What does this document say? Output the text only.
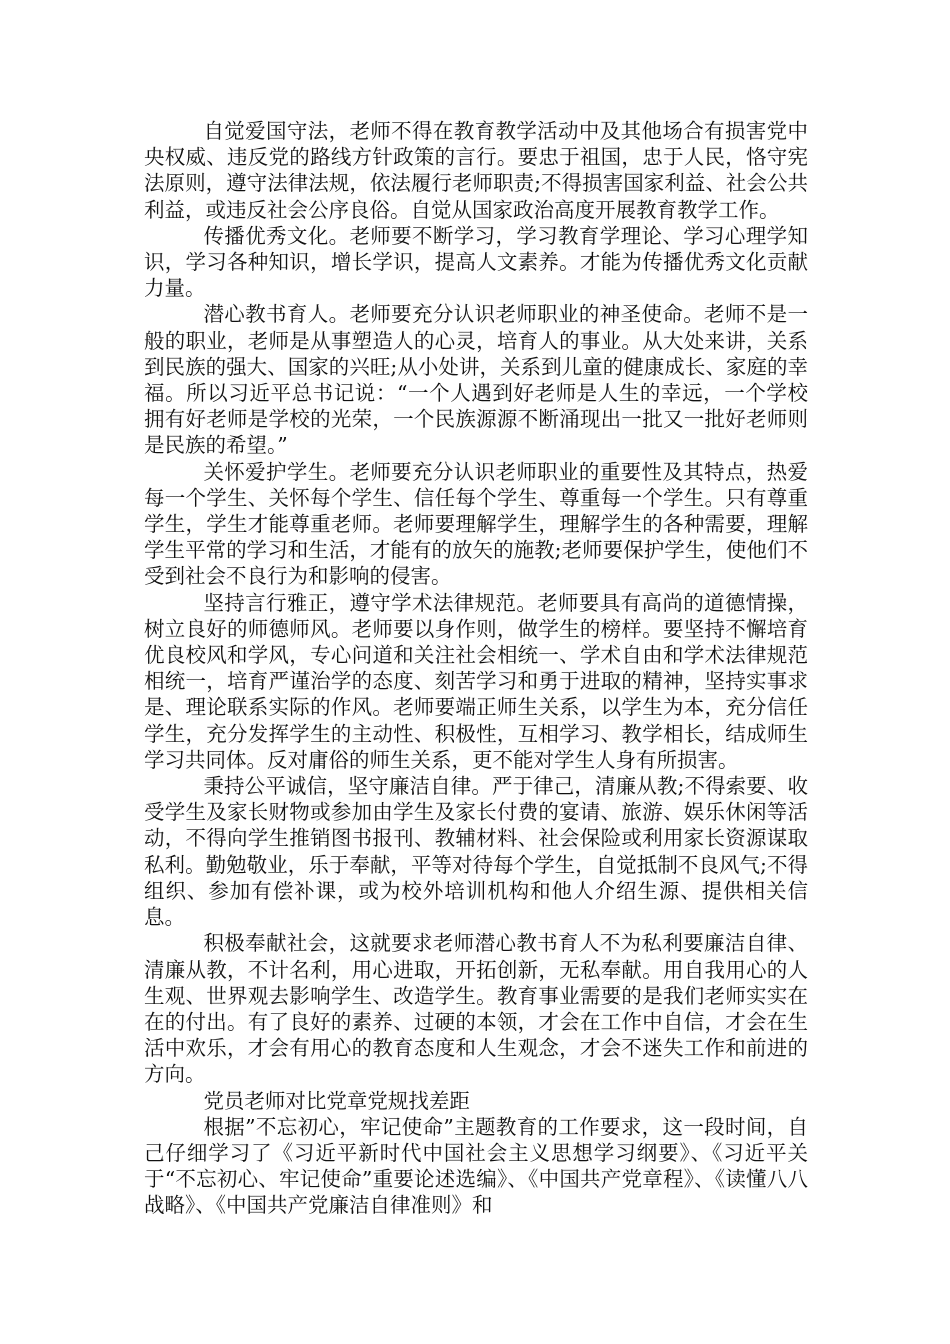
自觉爱国守法，老师不得在教育教学活动中及其他场合有损害党中央权威、违反党的路线方针政策的言行。要忠于祖国，忠于人民，恪守宪法原则，遵守法律法规，依法履行老师职责;不得损害国家利益、社会公共利益，或违反社会公序良俗。自觉从国家政治高度开展教育教学工作。

传播优秀文化。老师要不断学习，学习教育学理论、学习心理学知识，学习各种知识，增长学识，提高人文素养。才能为传播优秀文化贡献力量。

潜心教书育人。老师要充分认识老师职业的神圣使命。老师不是一般的职业，老师是从事塑造人的心灵，培育人的事业。从大处来讲，关系到民族的强大、国家的兴旺;从小处讲，关系到儿童的健康成长、家庭的幸福。所以习近平总书记说：“一个人遇到好老师是人生的幸远，一个学校拥有好老师是学校的光荣，一个民族源源不断涌现出一批又一批好老师则是民族的希望。”

关怀爱护学生。老师要充分认识老师职业的重要性及其特点，热爱每一个学生、关怀每个学生、信任每个学生、尊重每一个学生。只有尊重学生，学生才能尊重老师。老师要理解学生，理解学生的各种需要，理解学生平常的学习和生活，才能有的放矢的施教;老师要保护学生，使他们不受到社会不良行为和影响的侵害。

坚持言行雅正，遵守学术法律规范。老师要具有高尚的道德情操，树立良好的师德师风。老师要以身作则，做学生的榜样。要坚持不懈培育优良校风和学风，专心问道和关注社会相统一、学术自由和学术法律规范相统一，培育严谨治学的态度、刻苦学习和勇于进取的精神，坚持实事求是、理论联系实际的作风。老师要端正师生关系，以学生为本，充分信任学生，充分发挥学生的主动性、积极性，互相学习、教学相长，结成师生学习共同体。反对庸俗的师生关系，更不能对学生人身有所损害。

秉持公平诚信，坚守廉洁自律。严于律己，清廉从教;不得索要、收受学生及家长财物或参加由学生及家长付费的宴请、旅游、娱乐休闲等活动，不得向学生推销图书报刊、教辅材料、社会保险或利用家长资源谋取私利。勤勉敬业，乐于奉献，平等对待每个学生，自觉抵制不良风气;不得组织、参加有偿补课，或为校外培训机构和他人介绍生源、提供相关信息。

积极奉献社会，这就要求老师潜心教书育人不为私利要廉洁自律、清廉从教，不计名利，用心进取，开拓创新，无私奉献。用自我用心的人生观、世界观去影响学生、改造学生。教育事业需要的是我们老师实实在在的付出。有了良好的素养、过硬的本领，才会在工作中自信，才会在生活中欢乐，才会有用心的教育态度和人生观念，才会不迷失工作和前进的方向。

党员老师对比党章党规找差距

根据”不忘初心，牢记使命”主题教育的工作要求，这一段时间，自己仔细学习了《习近平新时代中国社会主义思想学习纲要》、《习近平关于“不忘初心、牢记使命”重要论述选编》、《中国共产党章程》、《读懂八八战略》、《中国共产党廉洁自律准则》和
